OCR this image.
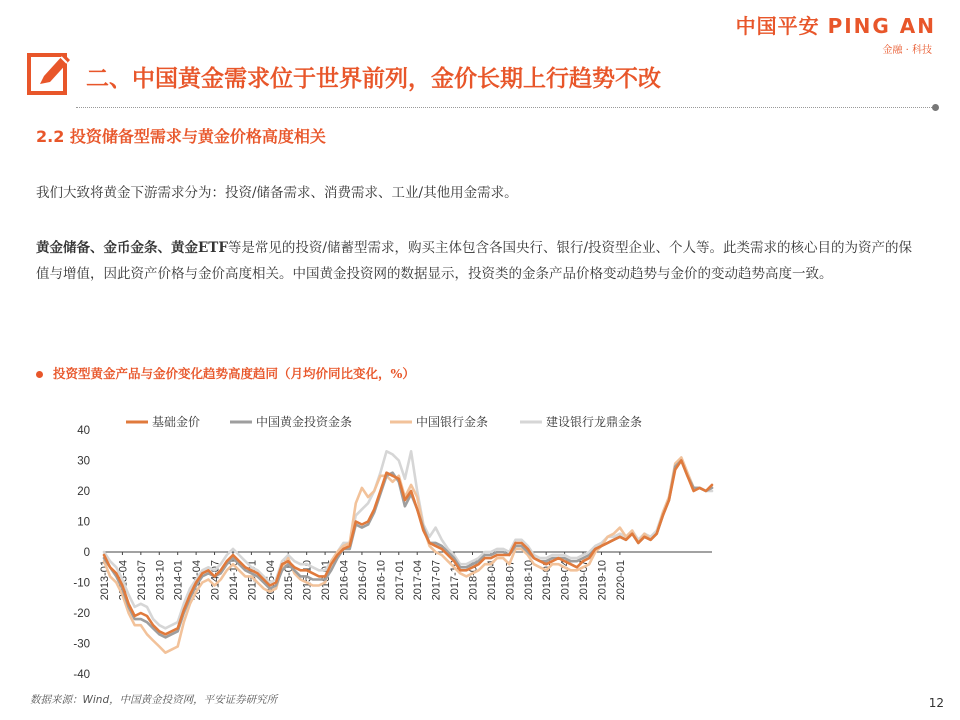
中国平安 PING AN
金融 · 科技
二、中国黄金需求位于世界前列，金价长期上行趋势不改
2.2 投资储备型需求与黄金价格高度相关
我们大致将黄金下游需求分为：投资/储备需求、消费需求、工业/其他用金需求。
黄金储备、金币金条、黄金ETF等是常见的投资/储蓄型需求，购买主体包含各国央行、银行/投资型企业、个人等。此类需求的核心目的为资产的保值与增值，因此资产价格与金价高度相关。中国黄金投资网的数据显示，投资类的金条产品价格变动趋势与金价的变动趋势高度一致。
投资型黄金产品与金价变化趋势高度趋同（月均价同比变化，%）
40
30
20
10
0
-10
-20
-30
-40
2013-01 2013-04 2013-07 2013-10 2014-01 2014-04 2014-07 2014-10 2015-01 2015-04 2015-07 2015-10 2016-01 2016-04 2016-07 2016-10 2017-01 2017-04 2017-07 2017-10 2018-01 2018-04 2018-07 2018-10 2019-01 2019-04 2019-07 2019-10 2020-01
基础金价	中国黄金投资金条	中国银行金条	建设银行龙鼎金条
数据来源：Wind，中国黄金投资网，平安证券研究所	12
